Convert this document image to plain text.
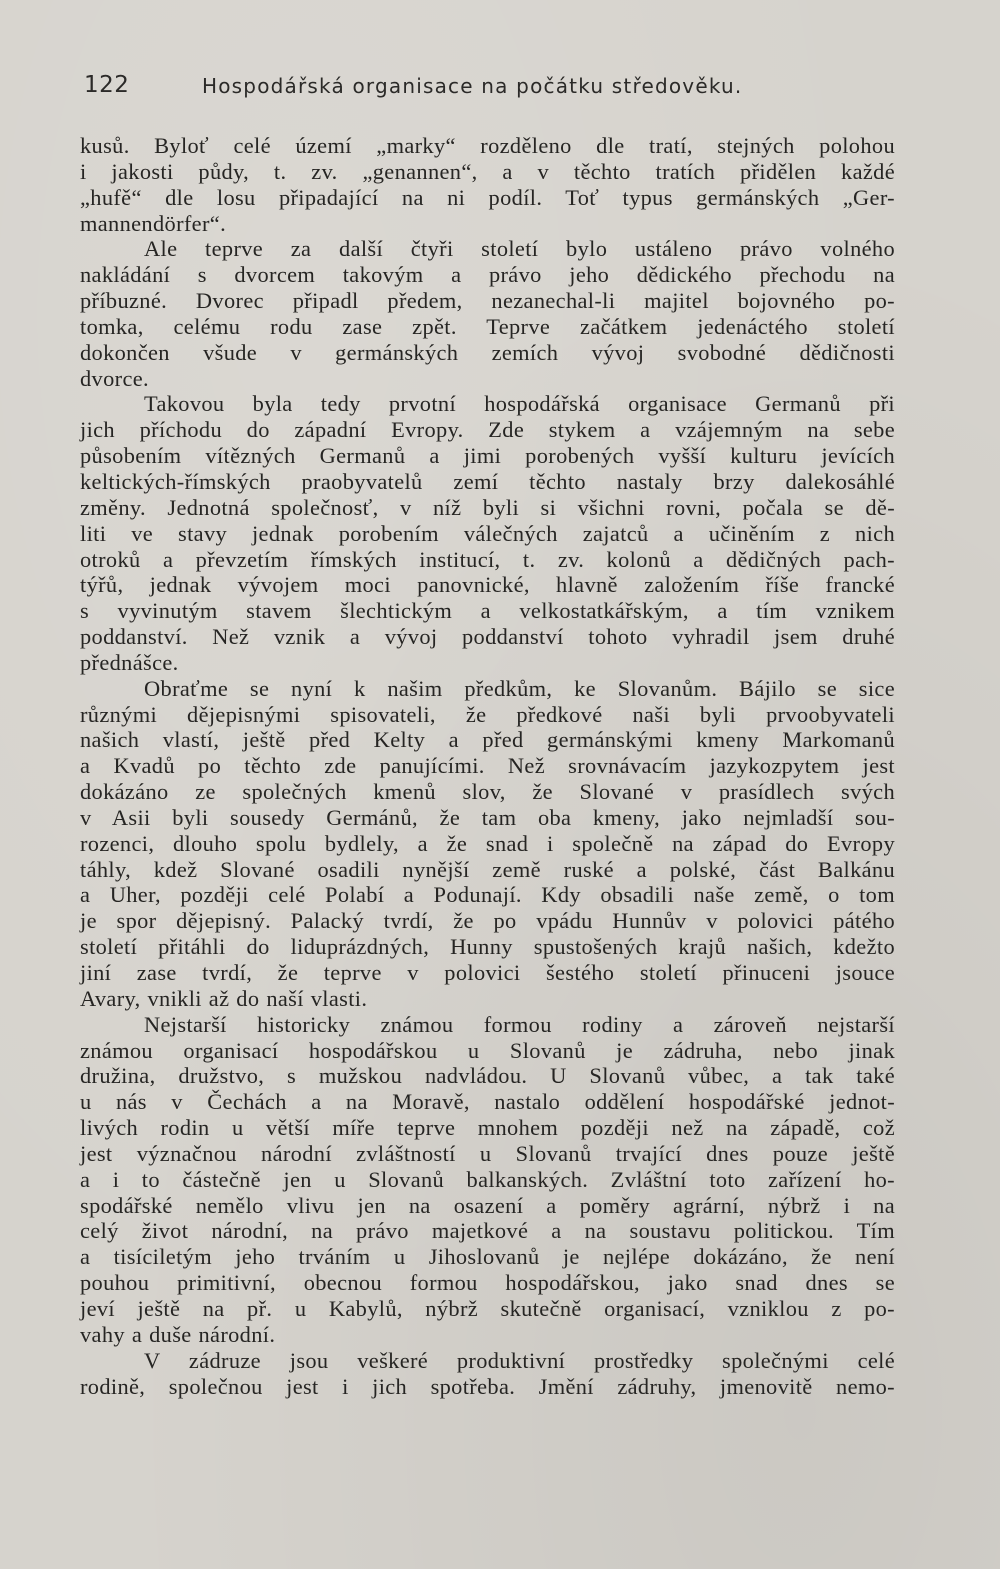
122	Hospodářská organisace na počátku středověku.
kusů. Byloť celé území „marky“ rozděleno dle tratí, stejných polohou
i jakosti půdy, t. zv. „genannen“, a v těchto tratích přidělen každé
„hufě“ dle losu připadající na ni podíl. Toť typus germánských „Ger-
mannendörfer“.
Ale teprve za další čtyři století bylo ustáleno právo volného
nakládání s dvorcem takovým a právo jeho dědického přechodu na
příbuzné. Dvorec připadl předem, nezanechal-li majitel bojovného po-
tomka, celému rodu zase zpět. Teprve začátkem jedenáctého století
dokončen všude v germánských zemích vývoj svobodné dědičnosti
dvorce.
Takovou byla tedy prvotní hospodářská organisace Germanů při
jich příchodu do západní Evropy. Zde stykem a vzájemným na sebe
působením vítězných Germanů a jimi porobených vyšší kulturu jevících
keltických-římských praobyvatelů zemí těchto nastaly brzy dalekosáhlé
změny. Jednotná společnosť, v níž byli si všichni rovni, počala se dě-
liti ve stavy jednak porobením válečných zajatců a učiněním z nich
otroků a převzetím římských institucí, t. zv. kolonů a dědičných pach-
týřů, jednak vývojem moci panovnické, hlavně založením říše francké
s vyvinutým stavem šlechtickým a velkostatkářským, a tím vznikem
poddanství. Než vznik a vývoj poddanství tohoto vyhradil jsem druhé
přednášce.
Obraťme se nyní k našim předkům, ke Slovanům. Bájilo se sice
různými dějepisnými spisovateli, že předkové naši byli prvoobyvateli
našich vlastí, ještě před Kelty a před germánskými kmeny Markomanů
a Kvadů po těchto zde panujícími. Než srovnávacím jazykozpytem jest
dokázáno ze společných kmenů slov, že Slované v prasídlech svých
v Asii byli sousedy Germánů, že tam oba kmeny, jako nejmladší sou-
rozenci, dlouho spolu bydlely, a že snad i společně na západ do Evropy
táhly, kdež Slované osadili nynější země ruské a polské, část Balkánu
a Uher, později celé Polabí a Podunají. Kdy obsadili naše země, o tom
je spor dějepisný. Palacký tvrdí, že po vpádu Hunnův v polovici pátého
století přitáhli do liduprázdných, Hunny spustošených krajů našich, kdežto
jiní zase tvrdí, že teprve v polovici šestého století přinuceni jsouce
Avary, vnikli až do naší vlasti.
Nejstarší historicky známou formou rodiny a zároveň nejstarší
známou organisací hospodářskou u Slovanů je zádruha, nebo jinak
družina, družstvo, s mužskou nadvládou. U Slovanů vůbec, a tak také
u nás v Čechách a na Moravě, nastalo oddělení hospodářské jednot-
livých rodin u větší míře teprve mnohem později než na západě, což
jest význačnou národní zvláštností u Slovanů trvající dnes pouze ještě
a i to částečně jen u Slovanů balkanských. Zvláštní toto zařízení ho-
spodářské nemělo vlivu jen na osazení a poměry agrární, nýbrž i na
celý život národní, na právo majetkové a na soustavu politickou. Tím
a tisíciletým jeho trváním u Jihoslovanů je nejlépe dokázáno, že není
pouhou primitivní, obecnou formou hospodářskou, jako snad dnes se
jeví ještě na př. u Kabylů, nýbrž skutečně organisací, vzniklou z po-
vahy a duše národní.
V zádruze jsou veškeré produktivní prostředky společnými celé
rodině, společnou jest i jich spotřeba. Jmění zádruhy, jmenovitě nemo-
